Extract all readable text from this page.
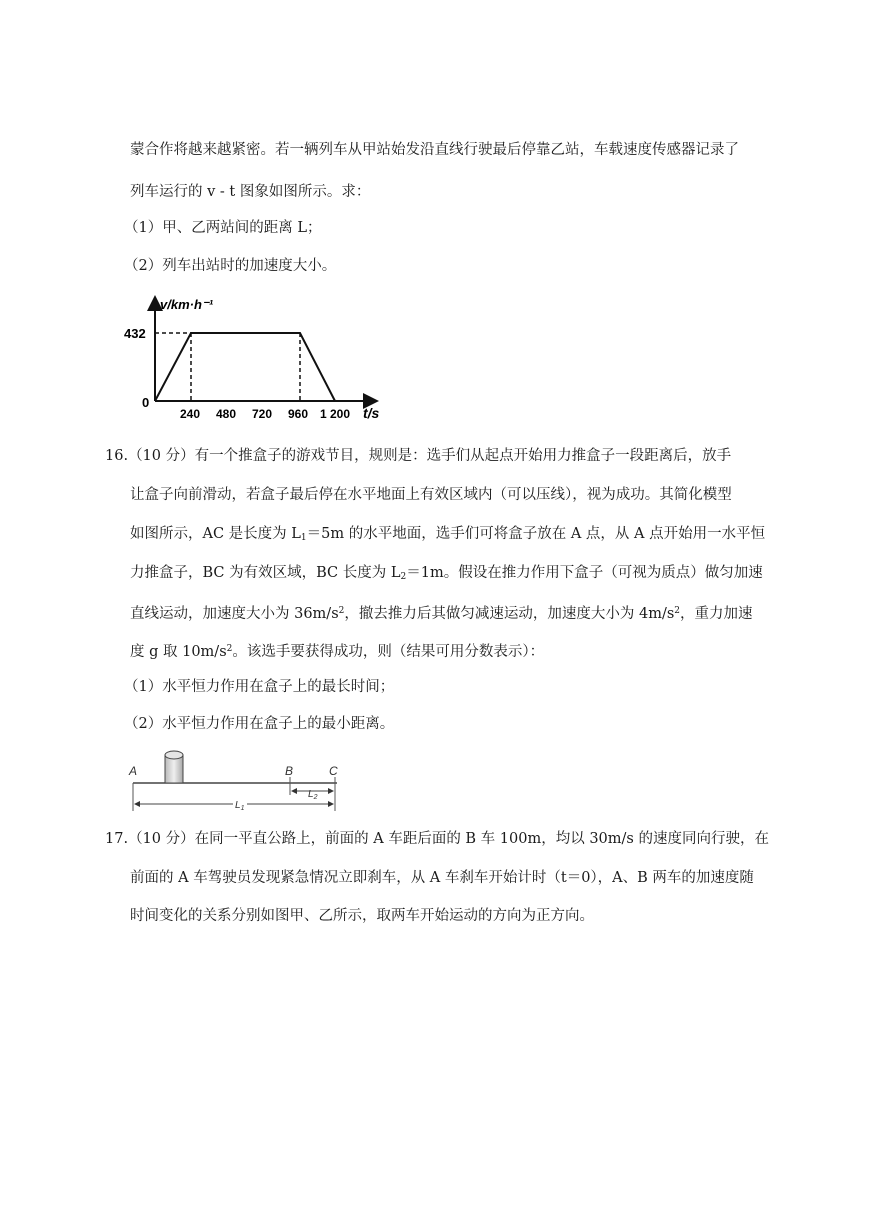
蒙合作将越来越紧密。若一辆列车从甲站始发沿直线行驶最后停靠乙站，车载速度传感器记录了
列车运行的 v - t 图象如图所示。求：
（1）甲、乙两站间的距离 L；
（2）列车出站时的加速度大小。
v/km·h⁻¹
432
0
240 480 720 960 1 200 t/s
16.（10 分）有一个推盒子的游戏节目，规则是：选手们从起点开始用力推盒子一段距离后，放手
让盒子向前滑动，若盒子最后停在水平地面上有效区域内（可以压线），视为成功。其简化模型
如图所示，AC 是长度为 $L_1=5m$ 的水平地面，选手们可将盒子放在 A 点，从 A 点开始用一水平恒
力推盒子，BC 为有效区域，BC 长度为 $L_2=1m$。假设在推力作用下盒子（可视为质点）做匀加速
直线运动，加速度大小为 $36m/s^2$，撤去推力后其做匀减速运动，加速度大小为 $4m/s^2$，重力加速
度 g 取 $10m/s^2$。该选手要获得成功，则（结果可用分数表示）：
（1）水平恒力作用在盒子上的最长时间；
（2）水平恒力作用在盒子上的最小距离。
A	B	C
$L_2$
$L_1$
17.（10 分）在同一平直公路上，前面的 A 车距后面的 B 车 100m，均以 30m/s 的速度同向行驶，在
前面的 A 车驾驶员发现紧急情况立即刹车，从 A 车刹车开始计时（t＝0），A、B 两车的加速度随
时间变化的关系分别如图甲、乙所示，取两车开始运动的方向为正方向。
